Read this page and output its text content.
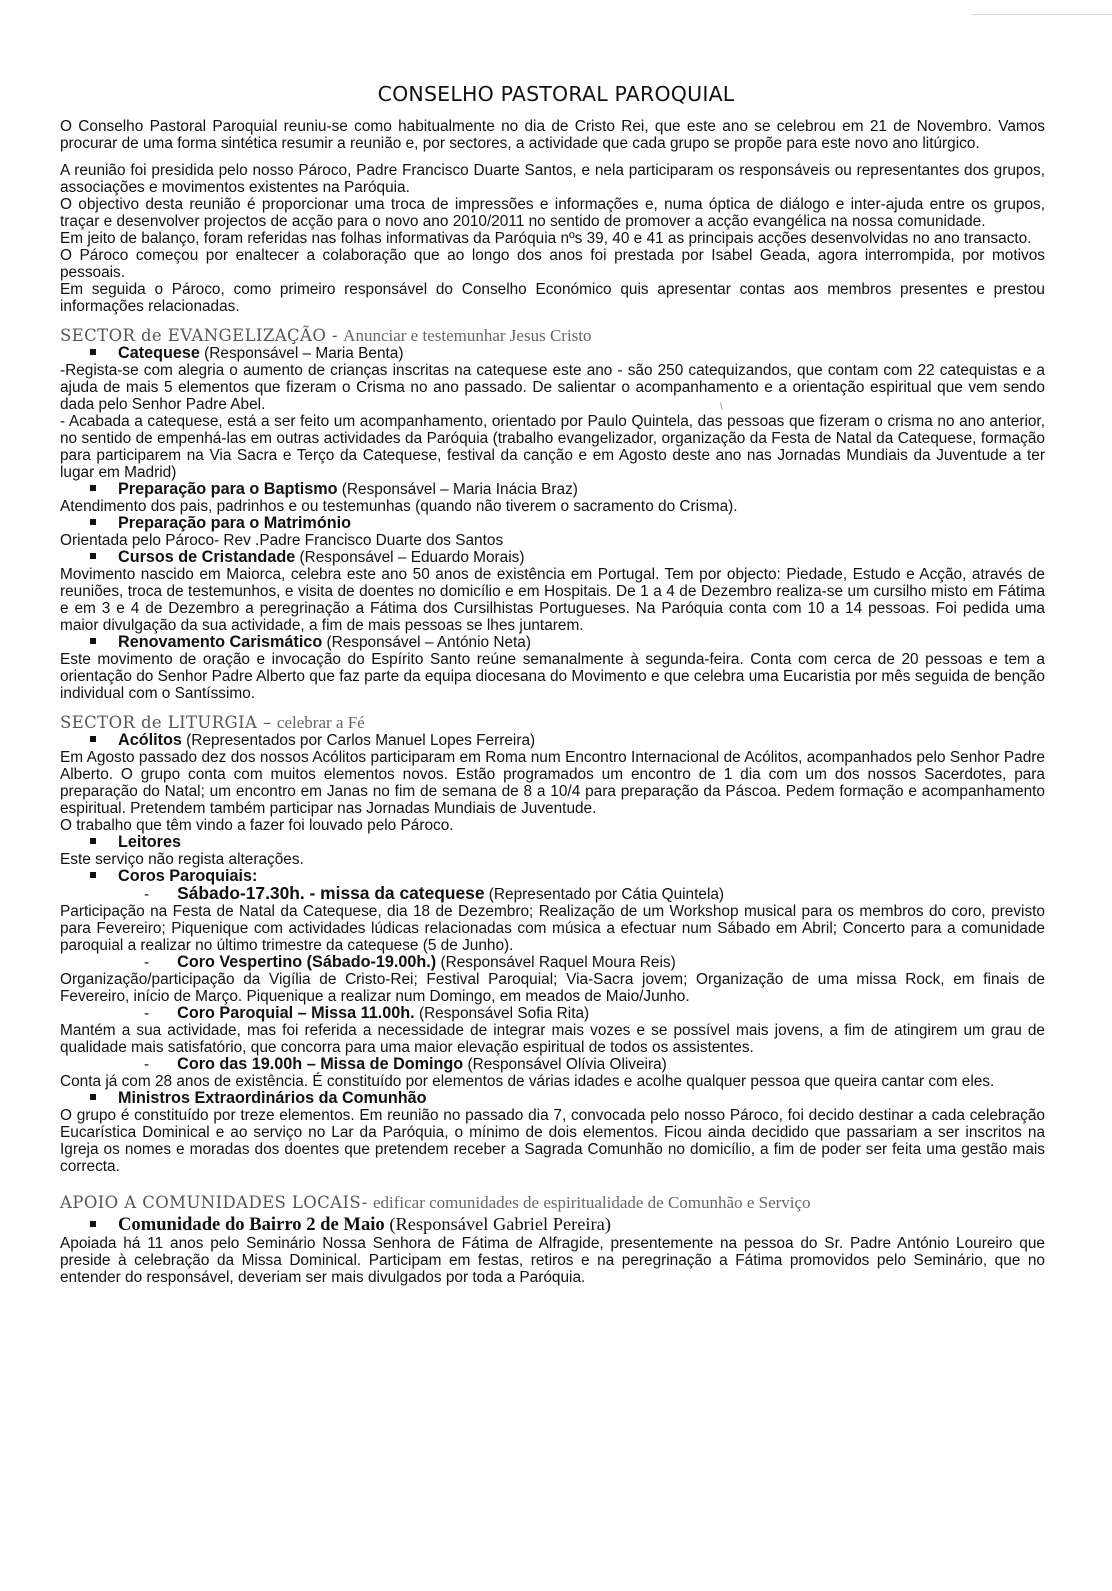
\
CONSELHO PASTORAL PAROQUIAL

O Conselho Pastoral Paroquial reuniu-se como habitualmente no dia de Cristo Rei, que este ano se celebrou em 21 de Novembro. Vamos procurar de uma forma sintética resumir a reunião e, por sectores, a actividade que cada grupo se propõe para este novo ano litúrgico.

A reunião foi presidida pelo nosso Pároco, Padre Francisco Duarte Santos, e nela participaram os responsáveis ou representantes dos grupos, associações e movimentos existentes na Paróquia.

O objectivo desta reunião é proporcionar uma troca de impressões e informações e, numa óptica de diálogo e inter-ajuda entre os grupos, traçar e desenvolver projectos de acção para o novo ano 2010/2011 no sentido de promover a acção evangélica na nossa comunidade.

Em jeito de balanço, foram referidas nas folhas informativas da Paróquia nºs 39, 40 e 41 as principais acções desenvolvidas no ano transacto.

O Pároco começou por enaltecer a colaboração que ao longo dos anos foi prestada por Isabel Geada, agora interrompida, por motivos pessoais.

Em seguida o Pároco, como primeiro responsável do Conselho Económico quis apresentar contas aos membros presentes e prestou informações relacionadas.

SECTOR de EVANGELIZAÇÃO - Anunciar e testemunhar Jesus Cristo
Catequese (Responsável – Maria Benta)

-Regista-se com alegria o aumento de crianças inscritas na catequese este ano - são 250 catequizandos, que contam com 22 catequistas e a ajuda de mais 5 elementos que fizeram o Crisma no ano passado. De salientar o acompanhamento e a orientação espiritual que vem sendo dada pelo Senhor Padre Abel.

- Acabada a catequese, está a ser feito um acompanhamento, orientado por Paulo Quintela, das pessoas que fizeram o crisma no ano anterior, no sentido de empenhá-las em outras actividades da Paróquia (trabalho evangelizador, organização da Festa de Natal da Catequese, formação para participarem na Via Sacra e Terço da Catequese, festival da canção e em Agosto deste ano nas Jornadas Mundiais da Juventude a ter lugar em Madrid)

Preparação para o Baptismo (Responsável – Maria Inácia Braz)

Atendimento dos pais, padrinhos e ou testemunhas (quando não tiverem o sacramento do Crisma).

Preparação para o Matrimónio

Orientada pelo Pároco- Rev .Padre Francisco Duarte dos Santos

Cursos de Cristandade (Responsável – Eduardo Morais)

Movimento nascido em Maiorca, celebra este ano 50 anos de existência em Portugal. Tem por objecto: Piedade, Estudo e Acção, através de reuniões, troca de testemunhos, e visita de doentes no domicílio e em Hospitais. De 1 a 4 de Dezembro realiza-se um cursilho misto em Fátima e em 3 e 4 de Dezembro a peregrinação a Fátima dos Cursilhistas Portugueses. Na Paróquia conta com 10 a 14 pessoas. Foi pedida uma maior divulgação da sua actividade, a fim de mais pessoas se lhes juntarem.

Renovamento Carismático (Responsável – António Neta)

Este movimento de oração e invocação do Espírito Santo reúne semanalmente à segunda-feira. Conta com cerca de 20 pessoas e tem a orientação do Senhor Padre Alberto que faz parte da equipa diocesana do Movimento e que celebra uma Eucaristia por mês seguida de benção individual com o Santíssimo.

SECTOR de LITURGIA – celebrar a Fé
Acólitos (Representados por Carlos Manuel Lopes Ferreira)

Em Agosto passado dez dos nossos Acólitos participaram em Roma num Encontro Internacional de Acólitos, acompanhados pelo Senhor Padre Alberto. O grupo conta com muitos elementos novos. Estão programados um encontro de 1 dia com um dos nossos Sacerdotes, para preparação do Natal; um encontro em Janas no fim de semana de 8 a 10/4 para preparação da Páscoa. Pedem formação e acompanhamento espiritual. Pretendem também participar nas Jornadas Mundiais de Juventude.

O trabalho que têm vindo a fazer foi louvado pelo Pároco.

Leitores

Este serviço não regista alterações.

Coros Paroquiais:
- Sábado-17.30h. - missa da catequese (Representado por Cátia Quintela)

Participação na Festa de Natal da Catequese, dia 18 de Dezembro; Realização de um Workshop musical para os membros do coro, previsto para Fevereiro; Piquenique com actividades lúdicas relacionadas com música a efectuar num Sábado em Abril; Concerto para a comunidade paroquial a realizar no último trimestre da catequese (5 de Junho).

- Coro Vespertino (Sábado-19.00h.) (Responsável Raquel Moura Reis)

Organização/participação da Vigília de Cristo-Rei; Festival Paroquial; Via-Sacra jovem; Organização de uma missa Rock, em finais de Fevereiro, início de Março. Piquenique a realizar num Domingo, em meados de Maio/Junho.

- Coro Paroquial – Missa 11.00h. (Responsável Sofia Rita)

Mantém a sua actividade, mas foi referida a necessidade de integrar mais vozes e se possível mais jovens, a fim de atingirem um grau de qualidade mais satisfatório, que concorra para uma maior elevação espiritual de todos os assistentes.

- Coro das 19.00h – Missa de Domingo (Responsável Olívia Oliveira)

Conta já com 28 anos de existência. É constituído por elementos de várias idades e acolhe qualquer pessoa que queira cantar com eles.

Ministros Extraordinários da Comunhão

O grupo é constituído por treze elementos. Em reunião no passado dia 7, convocada pelo nosso Pároco, foi decido destinar a cada celebração Eucarística Dominical e ao serviço no Lar da Paróquia, o mínimo de dois elementos. Ficou ainda decidido que passariam a ser inscritos na Igreja os nomes e moradas dos doentes que pretendem receber a Sagrada Comunhão no domicílio, a fim de poder ser feita uma gestão mais correcta.

APOIO A COMUNIDADES LOCAIS- edificar comunidades de espiritualidade de Comunhão e Serviço
Comunidade do Bairro 2 de Maio (Responsável Gabriel Pereira)

Apoiada há 11 anos pelo Seminário Nossa Senhora de Fátima de Alfragide, presentemente na pessoa do Sr. Padre António Loureiro que preside à celebração da Missa Dominical. Participam em festas, retiros e na peregrinação a Fátima promovidos pelo Seminário, que no entender do responsável, deveriam ser mais divulgados por toda a Paróquia.
